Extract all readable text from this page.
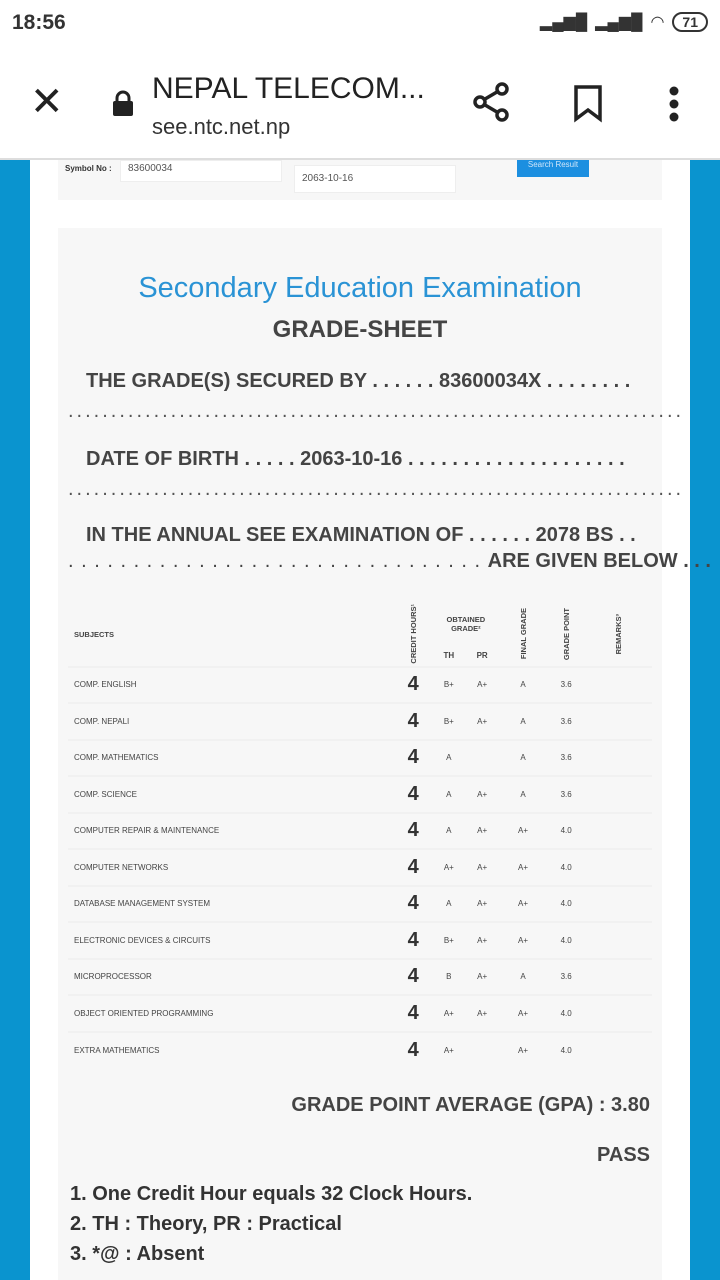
18:56	▂▄▆█ ▂▄▆█ ◠	71
✕	NEPAL TELECOM...
see.ntc.net.np
Symbol No :	83600034
2063-10-16
Search Result
Secondary Education Examination
GRADE-SHEET
THE GRADE(S) SECURED BY . . . . . . 83600034X . . . . . . . .
........................................................................
DATE OF BIRTH . . . . . 2063-10-16 . . . . . . . . . . . . . . . . . . . .
........................................................................
IN THE ANNUAL SEE EXAMINATION OF . . . . . . 2078 BS . .
. . . . . . . . . . . . . . . . . . . . . . . . . . . . . . . . ARE GIVEN BELOW . . .
SUBJECTS	CREDIT HOURS¹	OBTAINED GRADE²		FINAL GRADE	GRADE POINT	REMARKS³
		TH	PR			
COMP. ENGLISH	4	B+	A+	A	3.6	
COMP. NEPALI	4	B+	A+	A	3.6	
COMP. MATHEMATICS	4	A		A	3.6	
COMP. SCIENCE	4	A	A+	A	3.6	
COMPUTER REPAIR & MAINTENANCE	4	A	A+	A+	4.0	
COMPUTER NETWORKS	4	A+	A+	A+	4.0	
DATABASE MANAGEMENT SYSTEM	4	A	A+	A+	4.0	
ELECTRONIC DEVICES & CIRCUITS	4	B+	A+	A+	4.0	
MICROPROCESSOR	4	B	A+	A	3.6	
OBJECT ORIENTED PROGRAMMING	4	A+	A+	A+	4.0	
EXTRA MATHEMATICS	4	A+		A+	4.0	
GRADE POINT AVERAGE (GPA) : 3.80
PASS
1. One Credit Hour equals 32 Clock Hours.
2. TH : Theory, PR : Practical
3. *@ : Absent
